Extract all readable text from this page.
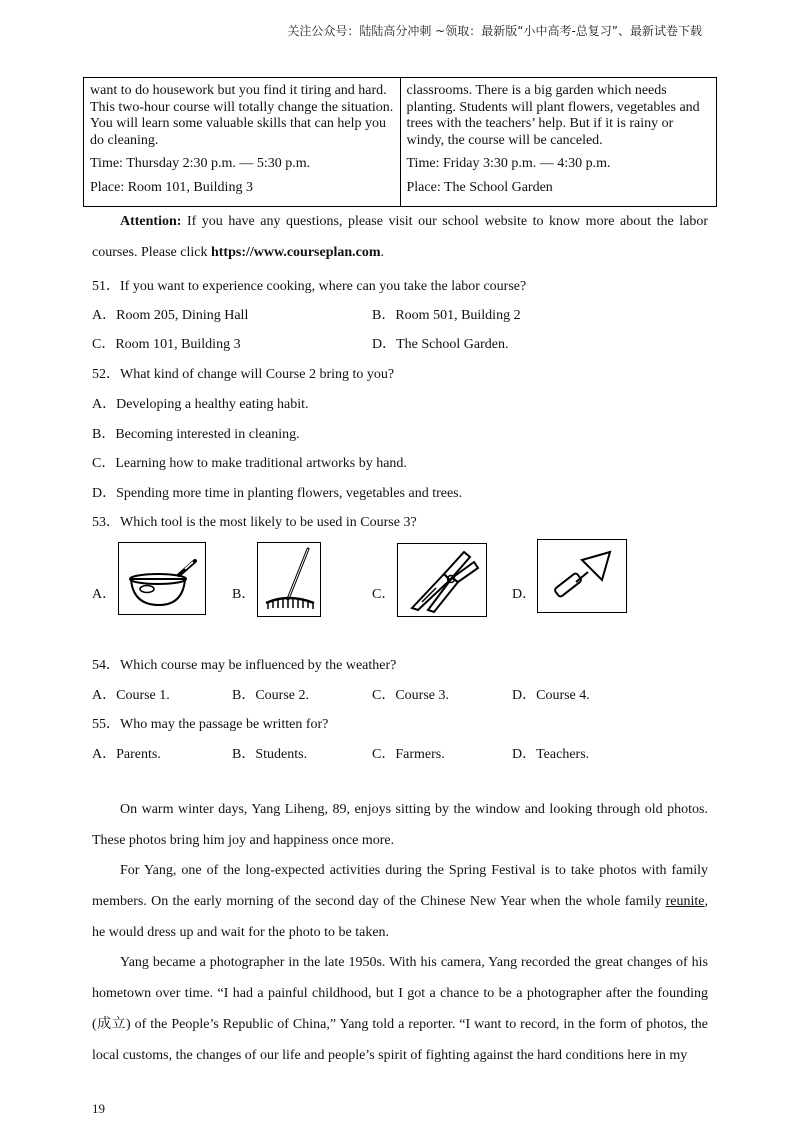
关注公众号：陆陆高分冲刺 ~领取：最新版“小中高考-总复习”、最新试卷下载

want to do housework but you find it tiring and hard. This two-hour course will totally change the situation. You will learn some valuable skills that can help you do cleaning.

Time: Thursday 2:30 p.m. — 5:30 p.m.

Place: Room 101, Building 3

classrooms. There is a big garden which needs planting. Students will plant flowers, vegetables and trees with the teachers’ help. But if it is rainy or windy, the course will be canceled.

Time: Friday 3:30 p.m. — 4:30 p.m.

Place: The School Garden

Attention: If you have any questions, please visit our school website to know more about the labor courses. Please click https://www.courseplan.com.

51．If you want to experience cooking, where can you take the labor course?

A．Room 205, Dining Hall	B．Room 501, Building 2

C．Room 101, Building 3	D．The School Garden.

52．What kind of change will Course 2 bring to you?

A．Developing a healthy eating habit.

B．Becoming interested in cleaning.

C．Learning how to make traditional artworks by hand.

D．Spending more time in planting flowers, vegetables and trees.

53．Which tool is the most likely to be used in Course 3?

A．	B．	C．	D．

54．Which course may be influenced by the weather?

A．Course 1.	B．Course 2.	C．Course 3.	D．Course 4.

55．Who may the passage be written for?

A．Parents.	B．Students.	C．Farmers.	D．Teachers.

On warm winter days, Yang Liheng, 89, enjoys sitting by the window and looking through old photos. These photos bring him joy and happiness once more.

For Yang, one of the long-expected activities during the Spring Festival is to take photos with family members. On the early morning of the second day of the Chinese New Year when the whole family reunite, he would dress up and wait for the photo to be taken.

Yang became a photographer in the late 1950s. With his camera, Yang recorded the great changes of his hometown over time. “I had a painful childhood, but I got a chance to be a photographer after the founding (成立) of the People’s Republic of China,” Yang told a reporter. “I want to record, in the form of photos, the local customs, the changes of our life and people’s spirit of fighting against the hard conditions here in my

19
